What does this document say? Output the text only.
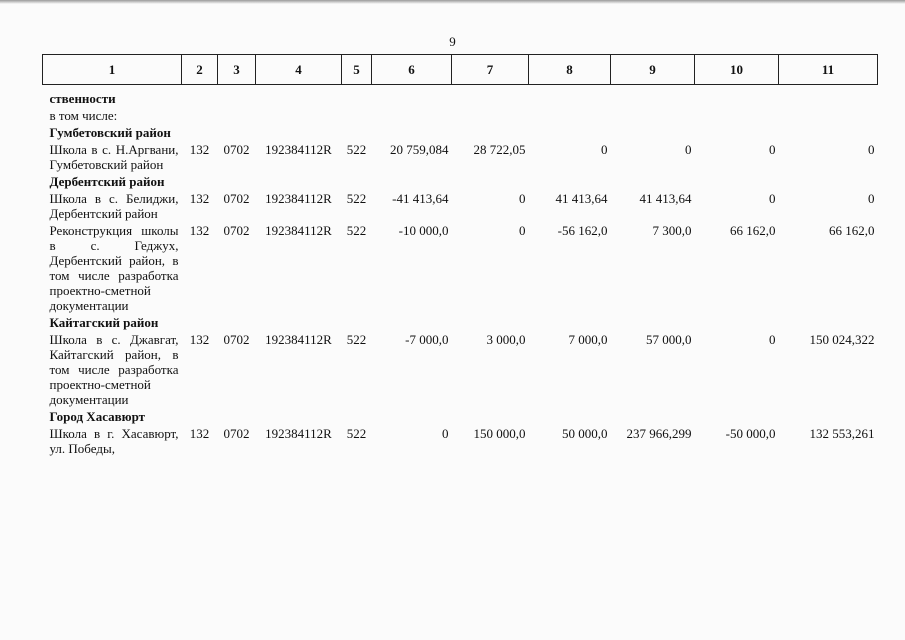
9
1	2	3	4	5	6	7	8	9	10	11
ственности										
в том числе:										
Гумбетовский район										
Школа в с. Н.Аргвани, Гумбетовский район	132	0702	192384112R	522	20 759,084	28 722,05	0	0	0	0
Дербентский район										
Школа в с. Белиджи, Дербентский район	132	0702	192384112R	522	-41 413,64	0	41 413,64	41 413,64	0	0
Реконструкция школы в с. Геджух, Дербентский район, в том числе разработка проектно-сметной документации	132	0702	192384112R	522	-10 000,0	0	-56 162,0	7 300,0	66 162,0	66 162,0
Кайтагский район										
Школа в с. Джавгат, Кайтагский район, в том числе разработка проектно-сметной документации	132	0702	192384112R	522	-7 000,0	3 000,0	7 000,0	57 000,0	0	150 024,322
Город Хасавюрт										
Школа в г. Хасавюрт, ул. Победы,	132	0702	192384112R	522	0	150 000,0	50 000,0	237 966,299	-50 000,0	132 553,261
